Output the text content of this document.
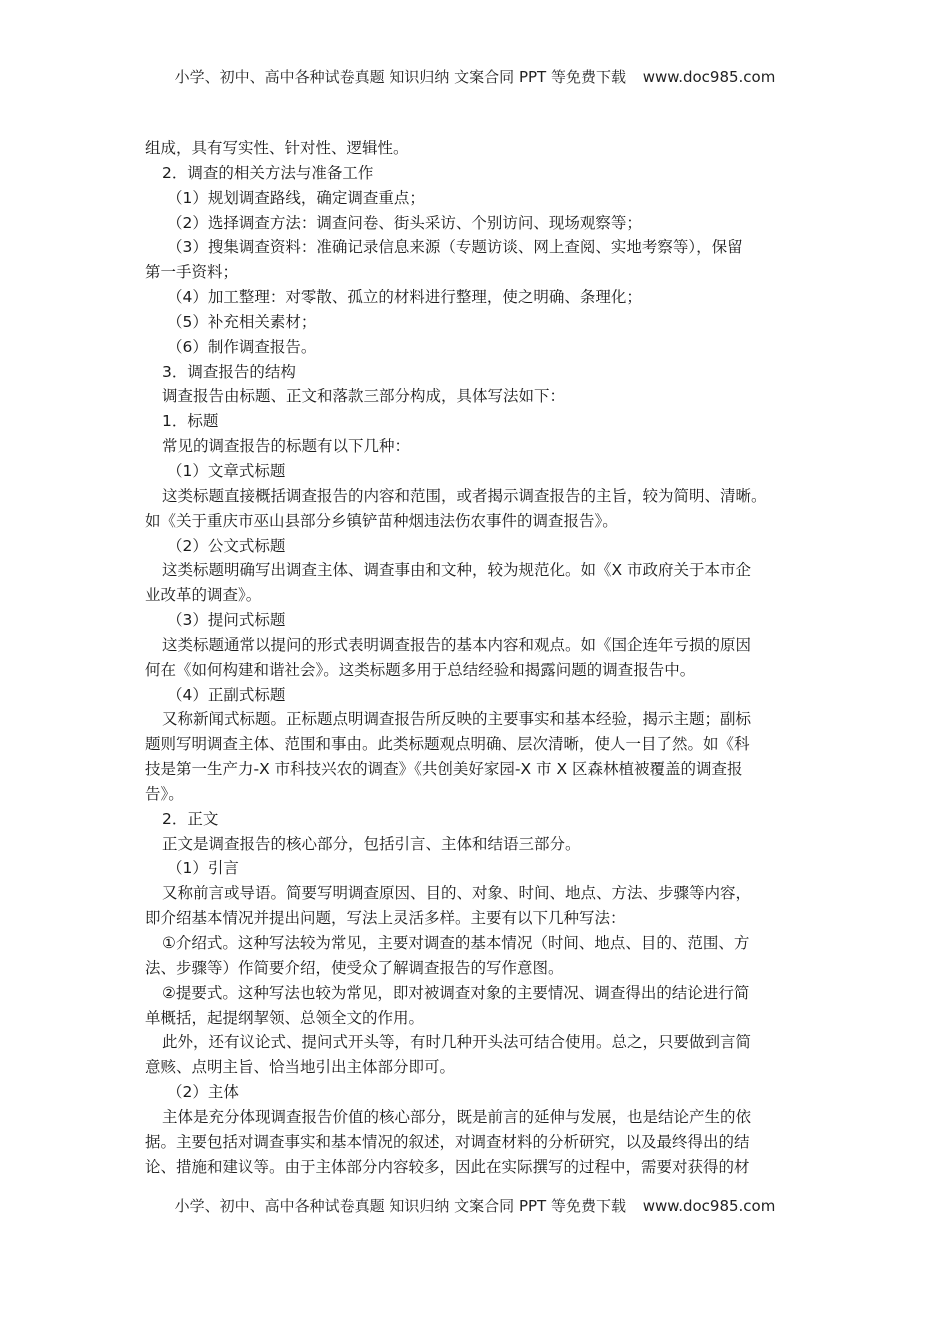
小学、初中、高中各种试卷真题 知识归纳 文案合同 PPT 等免费下载 www.doc985.com
组成，具有写实性、针对性、逻辑性。
2．调查的相关方法与准备工作
（1）规划调查路线，确定调查重点；
（2）选择调查方法：调查问卷、街头采访、个别访问、现场观察等；
（3）搜集调查资料：准确记录信息来源（专题访谈、网上查阅、实地考察等），保留
第一手资料；
（4）加工整理：对零散、孤立的材料进行整理，使之明确、条理化；
（5）补充相关素材；
（6）制作调查报告。
3．调查报告的结构
调查报告由标题、正文和落款三部分构成，具体写法如下：
1．标题
常见的调查报告的标题有以下几种：
（1）文章式标题
这类标题直接概括调查报告的内容和范围，或者揭示调查报告的主旨，较为简明、清晰。
如《关于重庆市巫山县部分乡镇铲苗种烟违法伤农事件的调查报告》。
（2）公文式标题
这类标题明确写出调查主体、调查事由和文种，较为规范化。如《X 市政府关于本市企
业改革的调查》。
（3）提问式标题
这类标题通常以提问的形式表明调查报告的基本内容和观点。如《国企连年亏损的原因
何在《如何构建和谐社会》。这类标题多用于总结经验和揭露问题的调查报告中。
（4）正副式标题
又称新闻式标题。正标题点明调查报告所反映的主要事实和基本经验，揭示主题；副标
题则写明调查主体、范围和事由。此类标题观点明确、层次清晰，使人一目了然。如《科
技是第一生产力-X 市科技兴农的调查》《共创美好家园-X 市 X 区森林植被覆盖的调查报
告》。
2．正文
正文是调查报告的核心部分，包括引言、主体和结语三部分。
（1）引言
又称前言或导语。简要写明调查原因、目的、对象、时间、地点、方法、步骤等内容，
即介绍基本情况并提出问题，写法上灵活多样。主要有以下几种写法：
①介绍式。这种写法较为常见，主要对调查的基本情况（时间、地点、目的、范围、方
法、步骤等）作简要介绍，使受众了解调查报告的写作意图。
②提要式。这种写法也较为常见，即对被调查对象的主要情况、调查得出的结论进行简
单概括，起提纲挈领、总领全文的作用。
此外，还有议论式、提问式开头等，有时几种开头法可结合使用。总之，只要做到言简
意赅、点明主旨、恰当地引出主体部分即可。
（2）主体
主体是充分体现调查报告价值的核心部分，既是前言的延伸与发展，也是结论产生的依
据。主要包括对调查事实和基本情况的叙述，对调查材料的分析研究，以及最终得出的结
论、措施和建议等。由于主体部分内容较多，因此在实际撰写的过程中，需要对获得的材
小学、初中、高中各种试卷真题 知识归纳 文案合同 PPT 等免费下载 www.doc985.com
